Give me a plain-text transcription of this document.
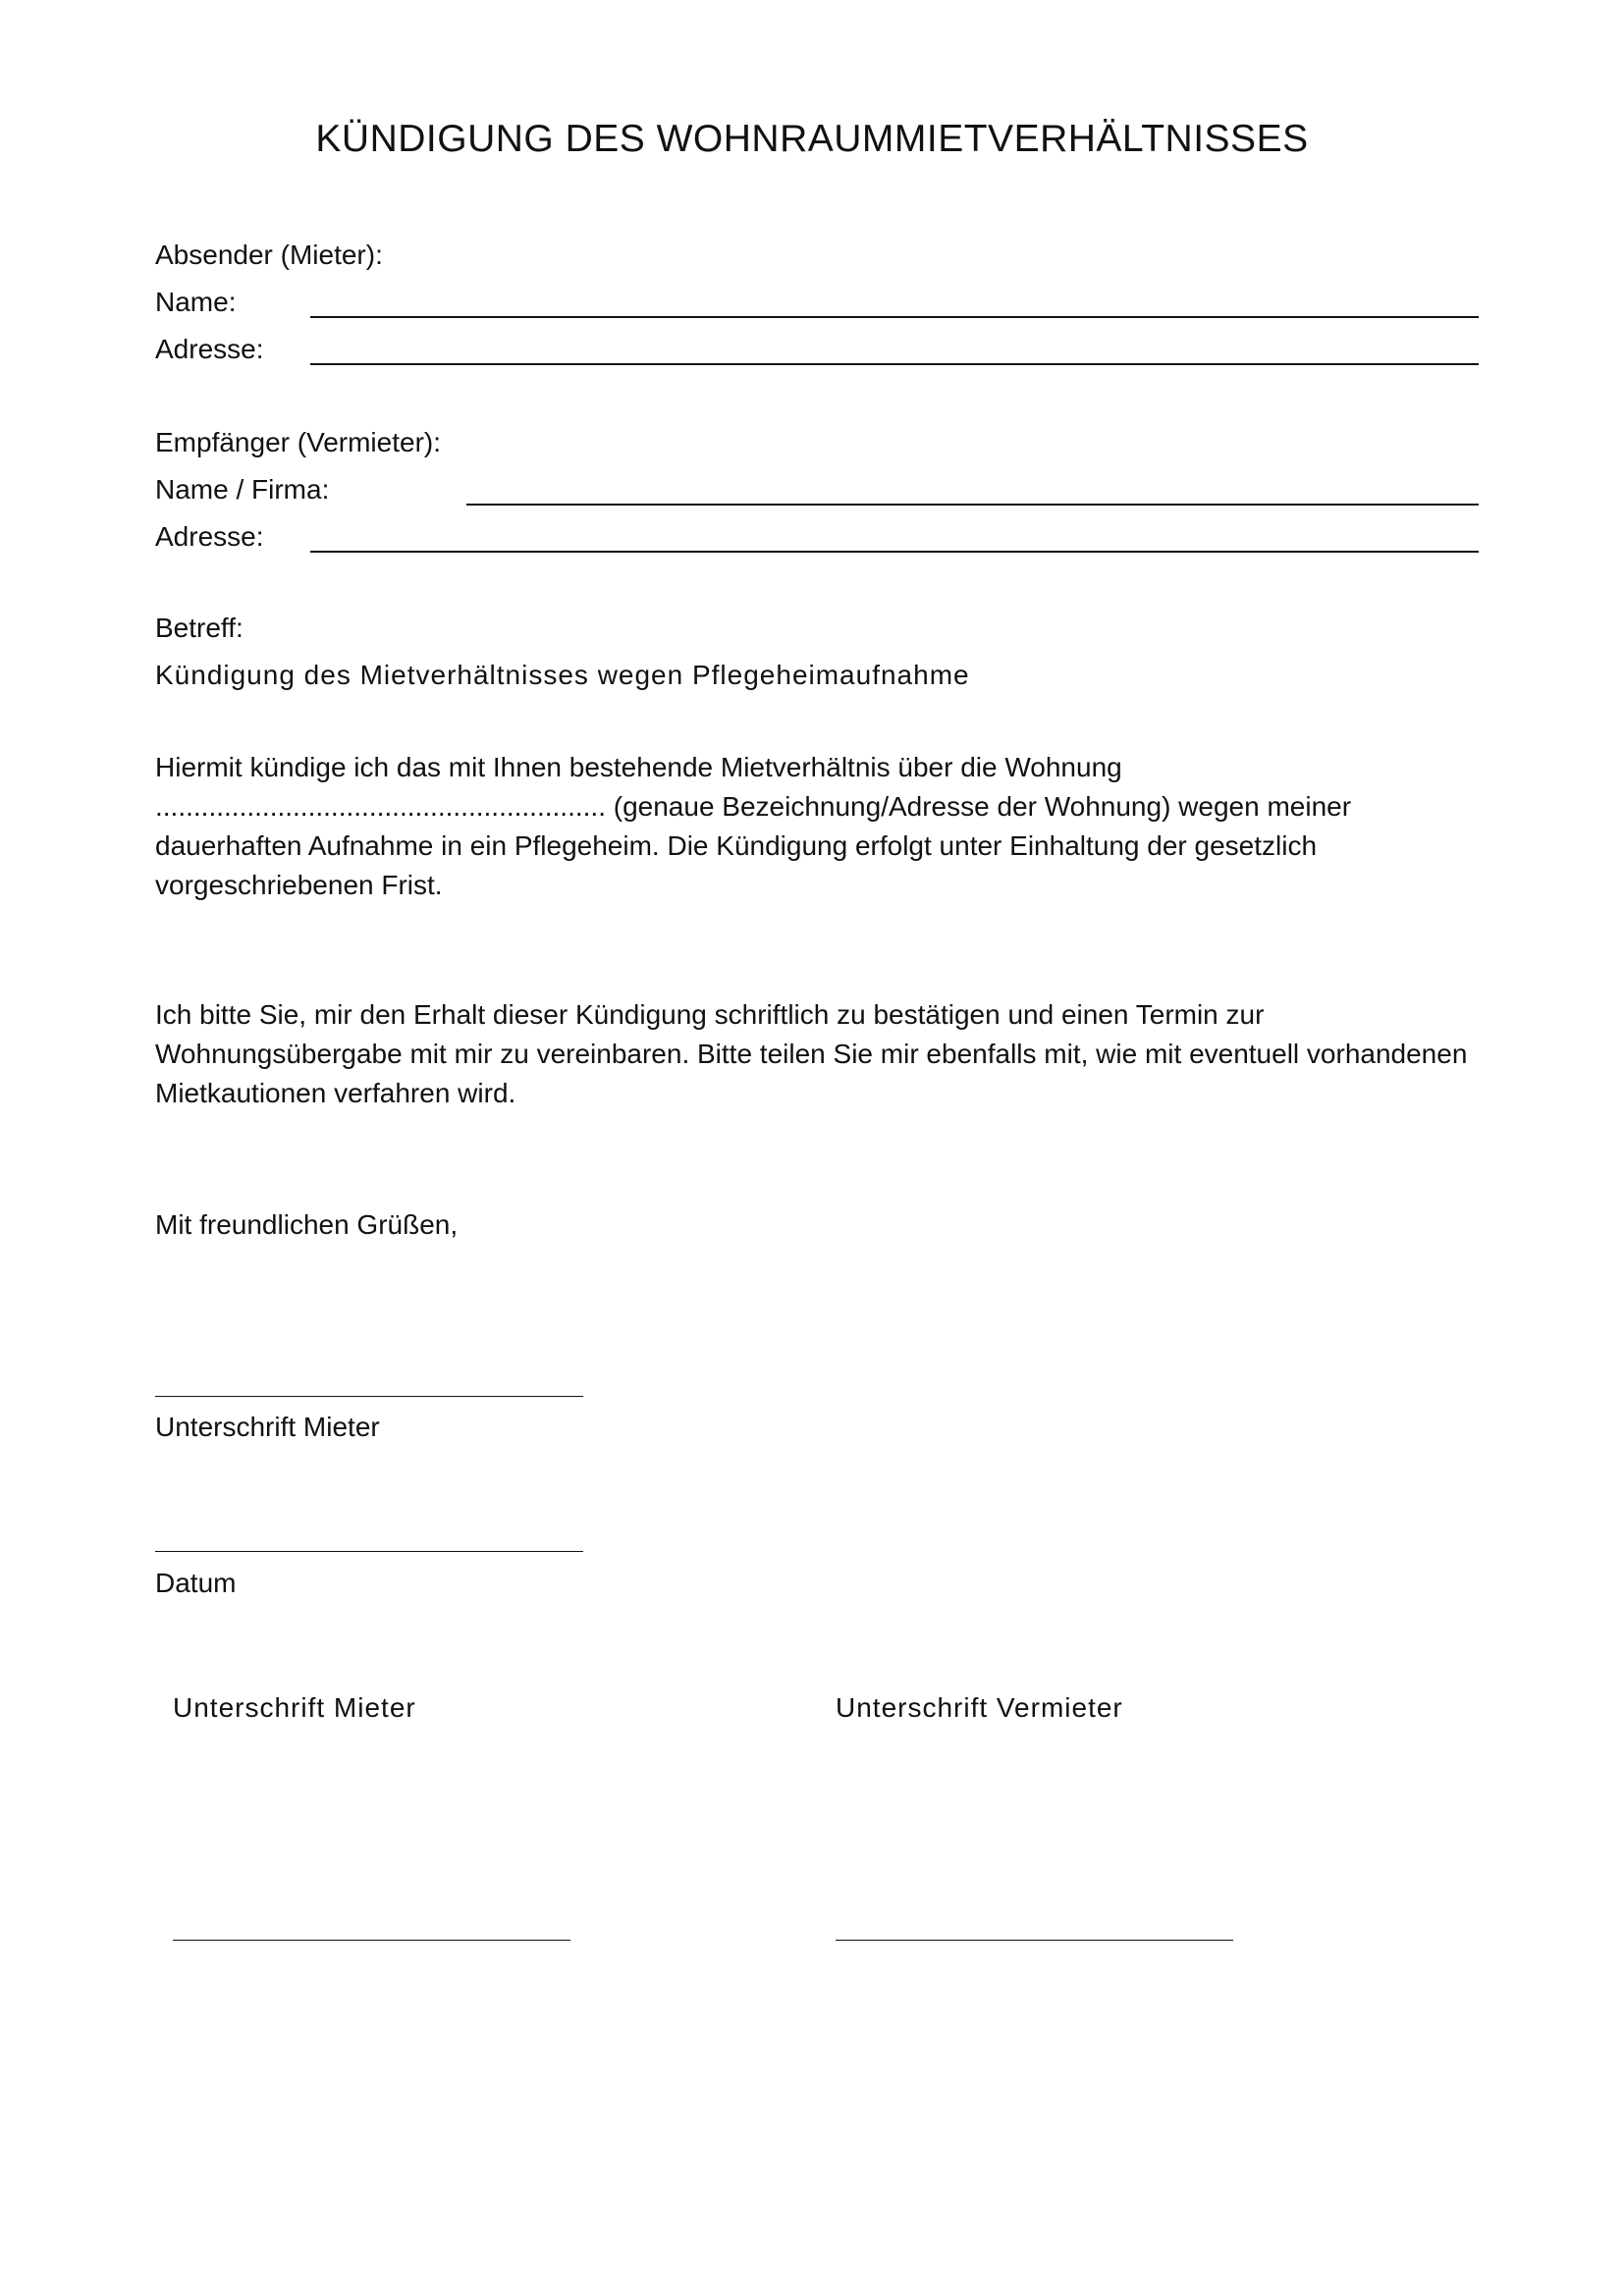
KÜNDIGUNG DES WOHNRAUMMIETVERHÄLTNISSES

Absender (Mieter):

Name:

Adresse:

Empfänger (Vermieter):

Name / Firma:

Adresse:

Betreff:

Kündigung des Mietverhältnisses wegen Pflegeheimaufnahme

Hiermit kündige ich das mit Ihnen bestehende Mietverhältnis über die Wohnung
........................................................... (genaue Bezeichnung/Adresse der Wohnung) wegen meiner
dauerhaften Aufnahme in ein Pflegeheim. Die Kündigung erfolgt unter Einhaltung der gesetzlich
vorgeschriebenen Frist.
Ich bitte Sie, mir den Erhalt dieser Kündigung schriftlich zu bestätigen und einen Termin zur
Wohnungsübergabe mit mir zu vereinbaren. Bitte teilen Sie mir ebenfalls mit, wie mit eventuell vorhandenen
Mietkautionen verfahren wird.

Mit freundlichen Grüßen,

Unterschrift Mieter

Datum

Unterschrift Mieter	Unterschrift Vermieter
